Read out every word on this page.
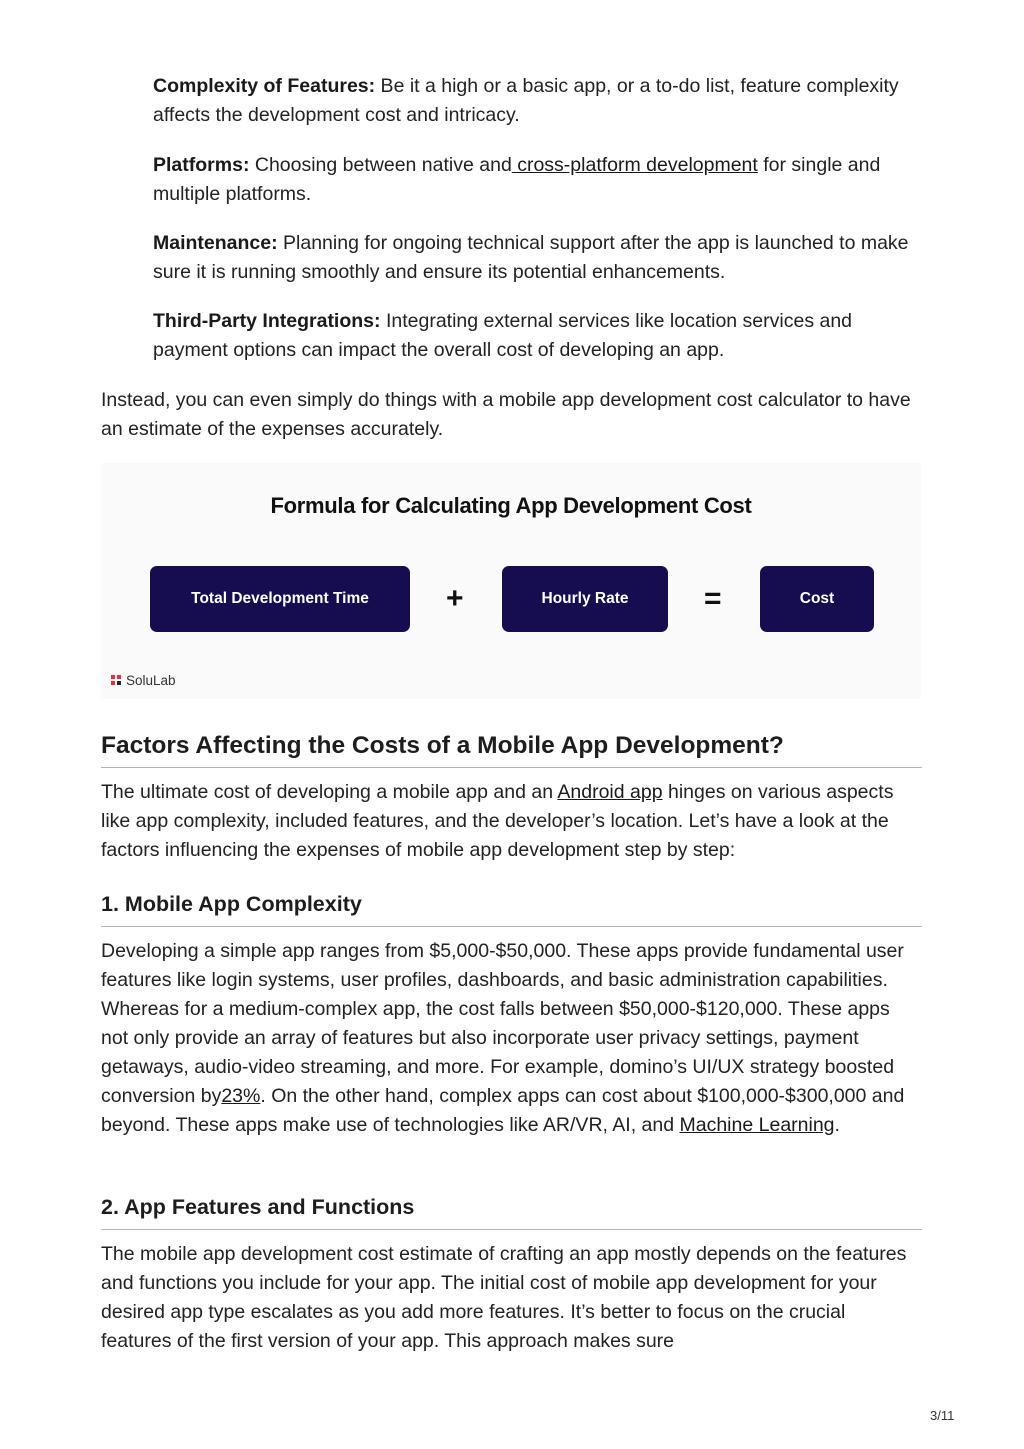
Complexity of Features: Be it a high or a basic app, or a to-do list, feature complexity affects the development cost and intricacy.

Platforms: Choosing between native and cross-platform development for single and multiple platforms.

Maintenance: Planning for ongoing technical support after the app is launched to make sure it is running smoothly and ensure its potential enhancements.

Third-Party Integrations: Integrating external services like location services and payment options can impact the overall cost of developing an app.

Instead, you can even simply do things with a mobile app development cost calculator to have an estimate of the expenses accurately.

Formula for Calculating App Development Cost
Total Development Time	+	Hourly Rate	=	Cost
SoluLab
Factors Affecting the Costs of a Mobile App Development?

The ultimate cost of developing a mobile app and an Android app hinges on various aspects like app complexity, included features, and the developer’s location. Let’s have a look at the factors influencing the expenses of mobile app development step by step:

1. Mobile App Complexity

Developing a simple app ranges from $5,000-$50,000. These apps provide fundamental user features like login systems, user profiles, dashboards, and basic administration capabilities. Whereas for a medium-complex app, the cost falls between $50,000-$120,000. These apps not only provide an array of features but also incorporate user privacy settings, payment getaways, audio-video streaming, and more. For example, domino’s UI/UX strategy boosted conversion by23%. On the other hand, complex apps can cost about $100,000-$300,000 and beyond. These apps make use of technologies like AR/VR, AI, and Machine Learning.

2. App Features and Functions

The mobile app development cost estimate of crafting an app mostly depends on the features and functions you include for your app. The initial cost of mobile app development for your desired app type escalates as you add more features. It’s better to focus on the crucial features of the first version of your app. This approach makes sure

3/11
